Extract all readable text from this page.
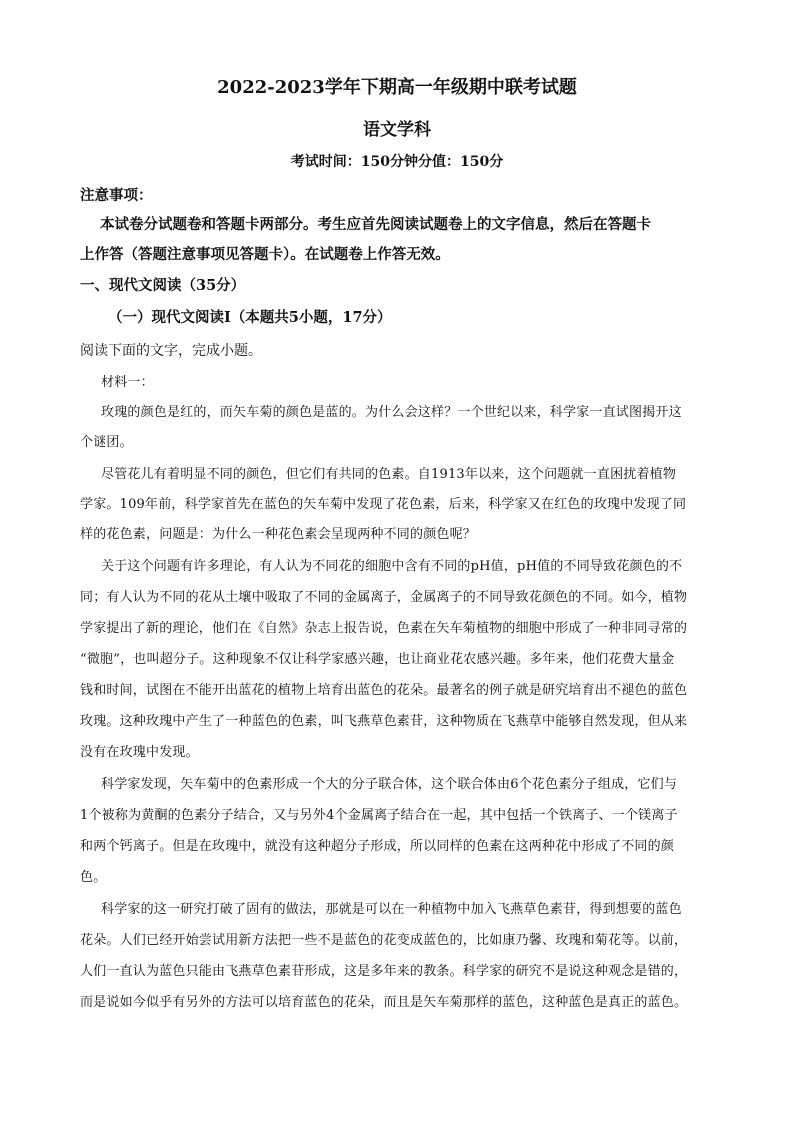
2022-2023学年下期高一年级期中联考试题
语文学科
考试时间：150分钟分值：150分
注意事项：
本试卷分试题卷和答题卡两部分。考生应首先阅读试题卷上的文字信息，然后在答题卡
上作答（答题注意事项见答题卡）。在试题卷上作答无效。
一、现代文阅读（35分）
（一）现代文阅读Ⅰ（本题共5小题，17分）
阅读下面的文字，完成小题。
材料一：
玫瑰的颜色是红的，而矢车菊的颜色是蓝的。为什么会这样？一个世纪以来，科学家一直试图揭开这
个谜团。
尽管花儿有着明显不同的颜色，但它们有共同的色素。自1913年以来，这个问题就一直困扰着植物
学家。109年前，科学家首先在蓝色的矢车菊中发现了花色素，后来，科学家又在红色的玫瑰中发现了同
样的花色素，问题是：为什么一种花色素会呈现两种不同的颜色呢？
关于这个问题有许多理论，有人认为不同花的细胞中含有不同的pH值，pH值的不同导致花颜色的不
同；有人认为不同的花从土壤中吸取了不同的金属离子，金属离子的不同导致花颜色的不同。如今，植物
学家提出了新的理论，他们在《自然》杂志上报告说，色素在矢车菊植物的细胞中形成了一种非同寻常的
“微胞”，也叫超分子。这种现象不仅让科学家感兴趣，也让商业花农感兴趣。多年来，他们花费大量金
钱和时间，试图在不能开出蓝花的植物上培育出蓝色的花朵。最著名的例子就是研究培育出不褪色的蓝色
玫瑰。这种玫瑰中产生了一种蓝色的色素，叫飞燕草色素苷，这种物质在飞燕草中能够自然发现，但从来
没有在玫瑰中发现。
科学家发现，矢车菊中的色素形成一个大的分子联合体，这个联合体由6个花色素分子组成，它们与
1个被称为黄酮的色素分子结合，又与另外4个金属离子结合在一起，其中包括一个铁离子、一个镁离子
和两个钙离子。但是在玫瑰中，就没有这种超分子形成，所以同样的色素在这两种花中形成了不同的颜
色。
科学家的这一研究打破了固有的做法，那就是可以在一种植物中加入飞燕草色素苷，得到想要的蓝色
花朵。人们已经开始尝试用新方法把一些不是蓝色的花变成蓝色的，比如康乃馨、玫瑰和菊花等。以前，
人们一直认为蓝色只能由飞燕草色素苷形成，这是多年来的教条。科学家的研究不是说这种观念是错的，
而是说如今似乎有另外的方法可以培育蓝色的花朵，而且是矢车菊那样的蓝色，这种蓝色是真正的蓝色。
